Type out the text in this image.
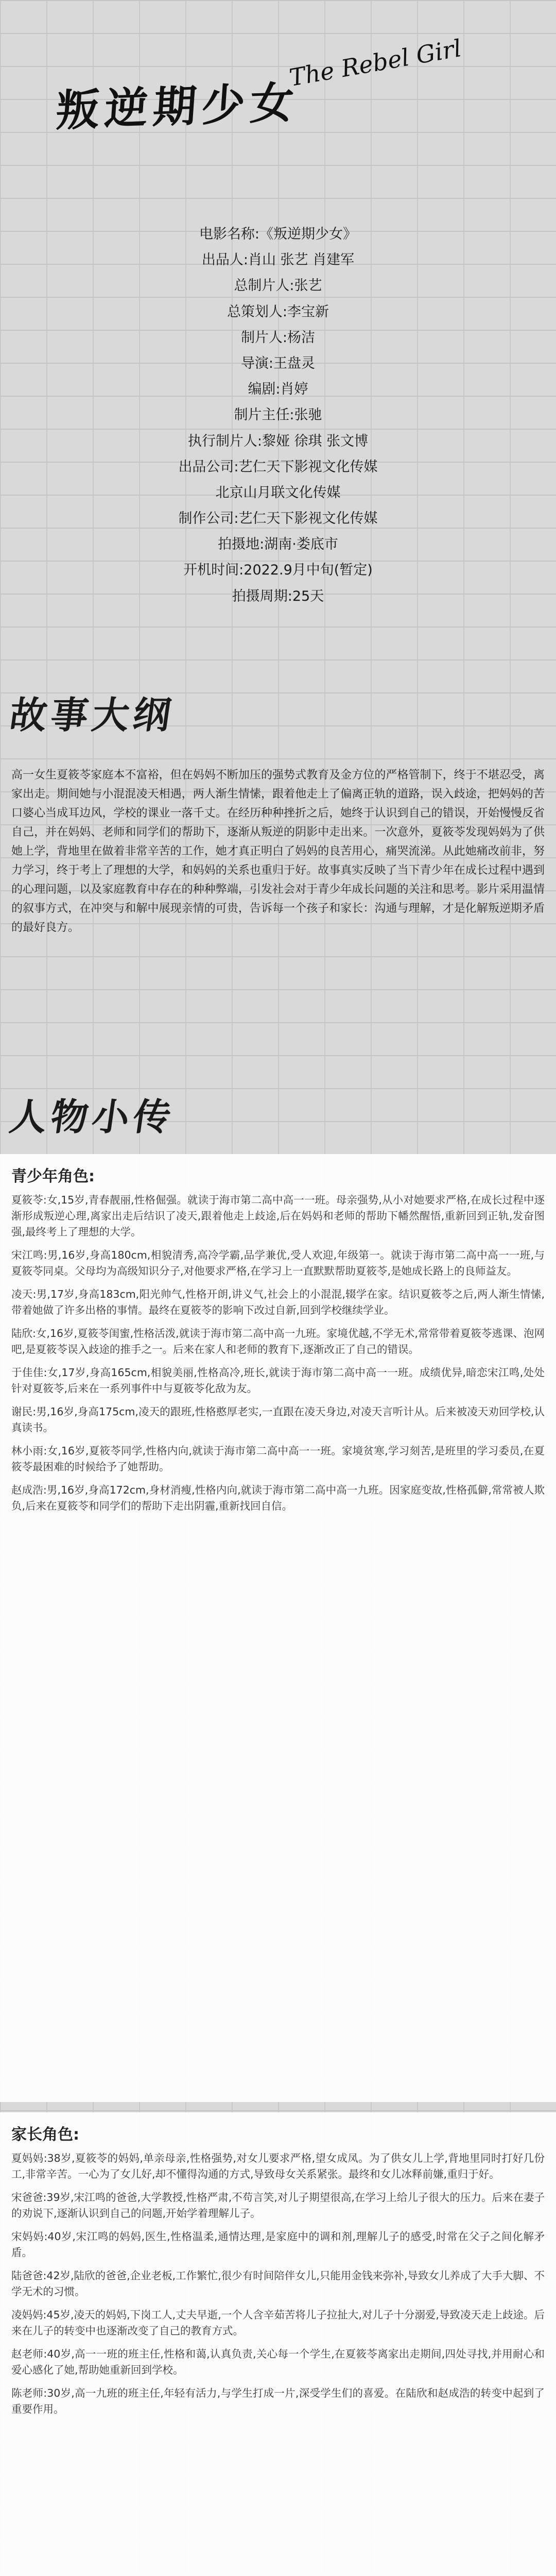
The Rebel Girl
叛逆期少女
电影名称:《叛逆期少女》
出品人:肖山 张艺 肖建军
总制片人:张艺
总策划人:李宝新
制片人:杨洁
导演:王盘灵
编剧:肖婷
制片主任:张驰
执行制片人:黎娅 徐琪 张文博
出品公司:艺仁天下影视文化传媒
北京山月联文化传媒
制作公司:艺仁天下影视文化传媒
拍摄地:湖南·娄底市
开机时间:2022.9月中旬(暂定)
拍摄周期:25天
故事大纲
高一女生夏筱苓家庭本不富裕，但在妈妈不断加压的强势式教育及金方位的严格管制下，终于不堪忍受，离家出走。期间她与小混混凌天相遇，两人渐生情愫，跟着他走上了偏离正轨的道路，误入歧途，把妈妈的苦口婆心当成耳边风，学校的课业一落千丈。在经历种种挫折之后，她终于认识到自己的错误，开始慢慢反省自己，并在妈妈、老师和同学们的帮助下，逐渐从叛逆的阴影中走出来。一次意外，夏筱苓发现妈妈为了供她上学，背地里在做着非常辛苦的工作，她才真正明白了妈妈的良苦用心，痛哭流涕。从此她痛改前非，努力学习，终于考上了理想的大学，和妈妈的关系也重归于好。故事真实反映了当下青少年在成长过程中遇到的心理问题，以及家庭教育中存在的种种弊端，引发社会对于青少年成长问题的关注和思考。影片采用温情的叙事方式，在冲突与和解中展现亲情的可贵，告诉每一个孩子和家长：沟通与理解，才是化解叛逆期矛盾的最好良方。
人物小传
青少年角色:
夏筱苓:女,15岁,青春靓丽,性格倔强。就读于海市第二高中高一一班。母亲强势,从小对她要求严格,在成长过程中逐渐形成叛逆心理,离家出走后结识了凌天,跟着他走上歧途,后在妈妈和老师的帮助下幡然醒悟,重新回到正轨,发奋图强,最终考上了理想的大学。
宋江鸣:男,16岁,身高180cm,相貌清秀,高冷学霸,品学兼优,受人欢迎,年级第一。就读于海市第二高中高一一班,与夏筱苓同桌。父母均为高级知识分子,对他要求严格,在学习上一直默默帮助夏筱苓,是她成长路上的良师益友。
凌天:男,17岁,身高183cm,阳光帅气,性格开朗,讲义气,社会上的小混混,辍学在家。结识夏筱苓之后,两人渐生情愫,带着她做了许多出格的事情。最终在夏筱苓的影响下改过自新,回到学校继续学业。
陆欣:女,16岁,夏筱苓闺蜜,性格活泼,就读于海市第二高中高一九班。家境优越,不学无术,常常带着夏筱苓逃课、泡网吧,是夏筱苓误入歧途的推手之一。后来在家人和老师的教育下,逐渐改正了自己的错误。
于佳佳:女,17岁,身高165cm,相貌美丽,性格高冷,班长,就读于海市第二高中高一一班。成绩优异,暗恋宋江鸣,处处针对夏筱苓,后来在一系列事件中与夏筱苓化敌为友。
谢民:男,16岁,身高175cm,凌天的跟班,性格憨厚老实,一直跟在凌天身边,对凌天言听计从。后来被凌天劝回学校,认真读书。
林小雨:女,16岁,夏筱苓同学,性格内向,就读于海市第二高中高一一班。家境贫寒,学习刻苦,是班里的学习委员,在夏筱苓最困难的时候给予了她帮助。
赵成浩:男,16岁,身高172cm,身材消瘦,性格内向,就读于海市第二高中高一九班。因家庭变故,性格孤僻,常常被人欺负,后来在夏筱苓和同学们的帮助下走出阴霾,重新找回自信。
家长角色:
夏妈妈:38岁,夏筱苓的妈妈,单亲母亲,性格强势,对女儿要求严格,望女成凤。为了供女儿上学,背地里同时打好几份工,非常辛苦。一心为了女儿好,却不懂得沟通的方式,导致母女关系紧张。最终和女儿冰释前嫌,重归于好。
宋爸爸:39岁,宋江鸣的爸爸,大学教授,性格严肃,不苟言笑,对儿子期望很高,在学习上给儿子很大的压力。后来在妻子的劝说下,逐渐认识到自己的问题,开始学着理解儿子。
宋妈妈:40岁,宋江鸣的妈妈,医生,性格温柔,通情达理,是家庭中的调和剂,理解儿子的感受,时常在父子之间化解矛盾。
陆爸爸:42岁,陆欣的爸爸,企业老板,工作繁忙,很少有时间陪伴女儿,只能用金钱来弥补,导致女儿养成了大手大脚、不学无术的习惯。
凌妈妈:45岁,凌天的妈妈,下岗工人,丈夫早逝,一个人含辛茹苦将儿子拉扯大,对儿子十分溺爱,导致凌天走上歧途。后来在儿子的转变中也逐渐改变了自己的教育方式。
赵老师:40岁,高一一班的班主任,性格和蔼,认真负责,关心每一个学生,在夏筱苓离家出走期间,四处寻找,并用耐心和爱心感化了她,帮助她重新回到学校。
陈老师:30岁,高一九班的班主任,年轻有活力,与学生打成一片,深受学生们的喜爱。在陆欣和赵成浩的转变中起到了重要作用。
